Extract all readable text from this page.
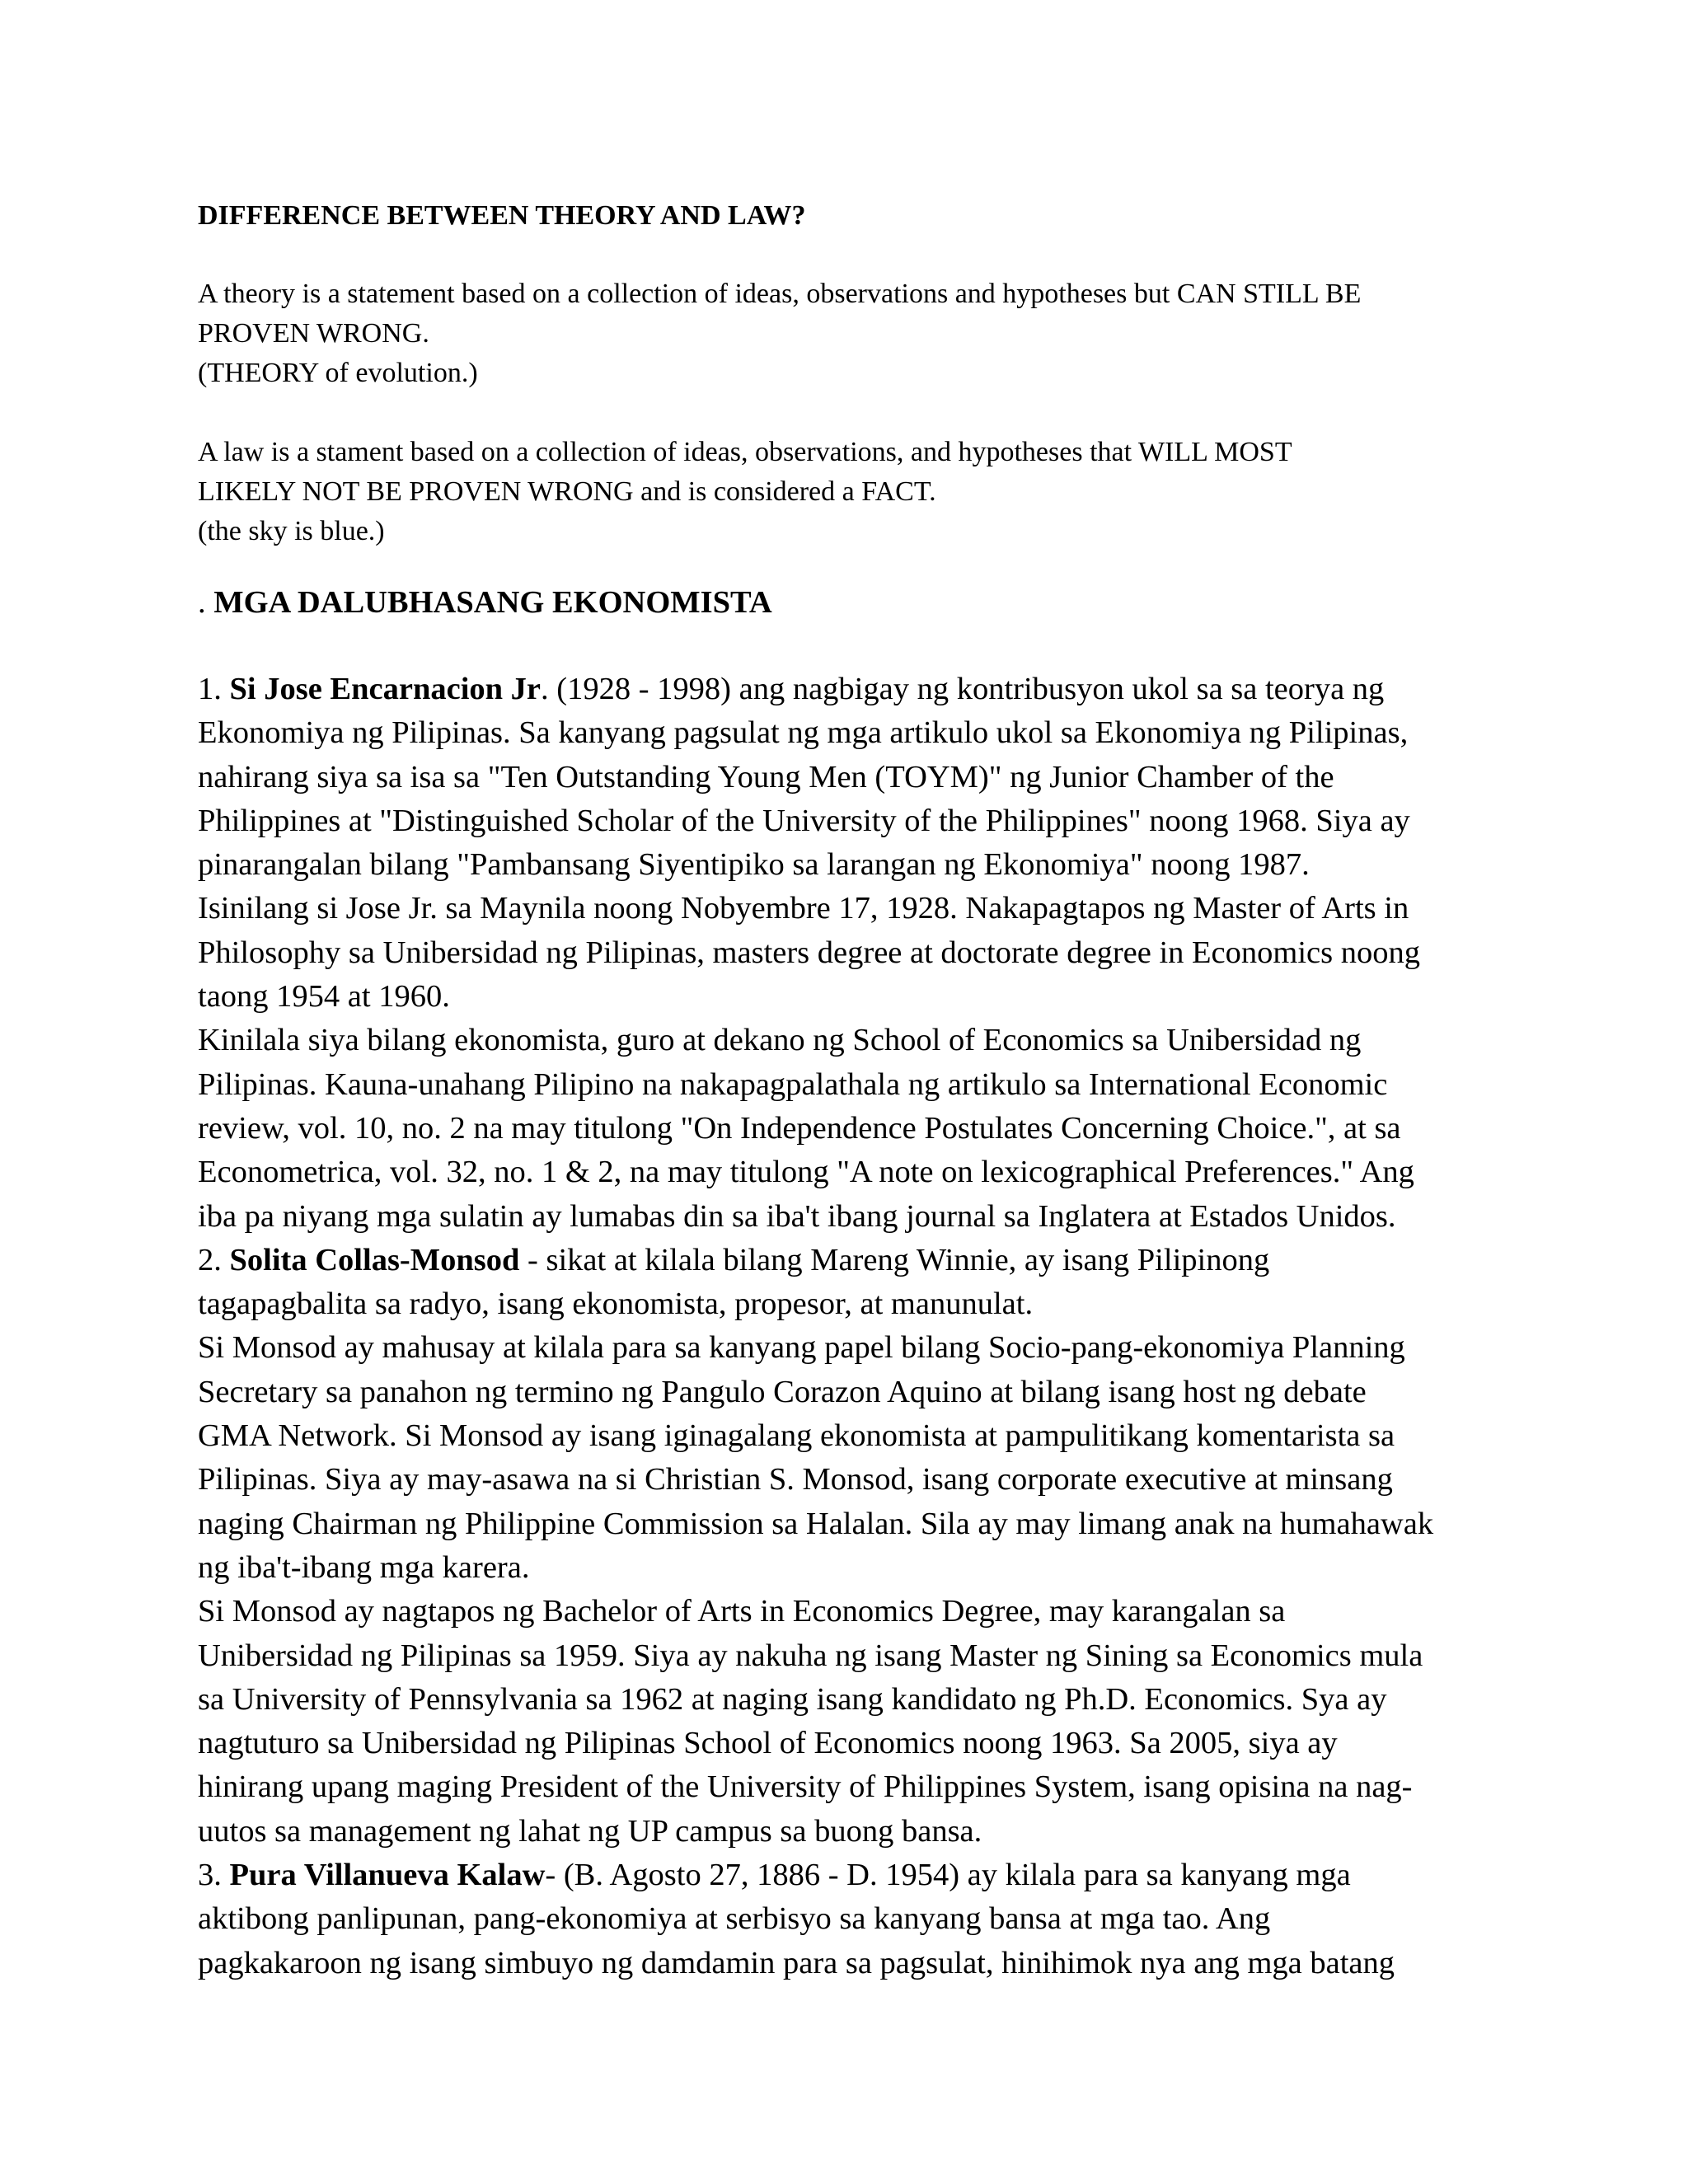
DIFFERENCE BETWEEN THEORY AND LAW?

A theory is a statement based on a collection of ideas, observations and hypotheses but CAN STILL BE

PROVEN WRONG.

(THEORY of evolution.)

A law is a stament based on a collection of ideas, observations, and hypotheses that WILL MOST

LIKELY NOT BE PROVEN WRONG and is considered a FACT.

(the sky is blue.)

. MGA DALUBHASANG EKONOMISTA

1. Si Jose Encarnacion Jr. (1928 - 1998) ang nagbigay ng kontribusyon ukol sa sa teorya ng

Ekonomiya ng Pilipinas. Sa kanyang pagsulat ng mga artikulo ukol sa Ekonomiya ng Pilipinas,

nahirang siya sa isa sa "Ten Outstanding Young Men (TOYM)" ng Junior Chamber of the

Philippines at "Distinguished Scholar of the University of the Philippines" noong 1968. Siya ay

pinarangalan bilang "Pambansang Siyentipiko sa larangan ng Ekonomiya" noong 1987.

Isinilang si Jose Jr. sa Maynila noong Nobyembre 17, 1928. Nakapagtapos ng Master of Arts in

Philosophy sa Unibersidad ng Pilipinas, masters degree at doctorate degree in Economics noong

taong 1954 at 1960.

Kinilala siya bilang ekonomista, guro at dekano ng School of Economics sa Unibersidad ng

Pilipinas. Kauna-unahang Pilipino na nakapagpalathala ng artikulo sa International Economic

review, vol. 10, no. 2 na may titulong "On Independence Postulates Concerning Choice.", at sa

Econometrica, vol. 32, no. 1 & 2, na may titulong "A note on lexicographical Preferences." Ang

iba pa niyang mga sulatin ay lumabas din sa iba't ibang journal sa Inglatera at Estados Unidos.

2. Solita Collas-Monsod - sikat at kilala bilang Mareng Winnie, ay isang Pilipinong

tagapagbalita sa radyo, isang ekonomista, propesor, at manunulat.

Si Monsod ay mahusay at kilala para sa kanyang papel bilang Socio-pang-ekonomiya Planning

Secretary sa panahon ng termino ng Pangulo Corazon Aquino at bilang isang host ng debate

GMA Network. Si Monsod ay isang iginagalang ekonomista at pampulitikang komentarista sa

Pilipinas. Siya ay may-asawa na si Christian S. Monsod, isang corporate executive at minsang

naging Chairman ng Philippine Commission sa Halalan. Sila ay may limang anak na humahawak

ng iba't-ibang mga karera.

Si Monsod ay nagtapos ng Bachelor of Arts in Economics Degree, may karangalan sa

Unibersidad ng Pilipinas sa 1959. Siya ay nakuha ng isang Master ng Sining sa Economics mula

sa University of Pennsylvania sa 1962 at naging isang kandidato ng Ph.D. Economics. Sya ay

nagtuturo sa Unibersidad ng Pilipinas School of Economics noong 1963. Sa 2005, siya ay

hinirang upang maging President of the University of Philippines System, isang opisina na nag-

uutos sa management ng lahat ng UP campus sa buong bansa.

3. Pura Villanueva Kalaw- (B. Agosto 27, 1886 - D. 1954) ay kilala para sa kanyang mga

aktibong panlipunan, pang-ekonomiya at serbisyo sa kanyang bansa at mga tao. Ang

pagkakaroon ng isang simbuyo ng damdamin para sa pagsulat, hinihimok nya ang mga batang
